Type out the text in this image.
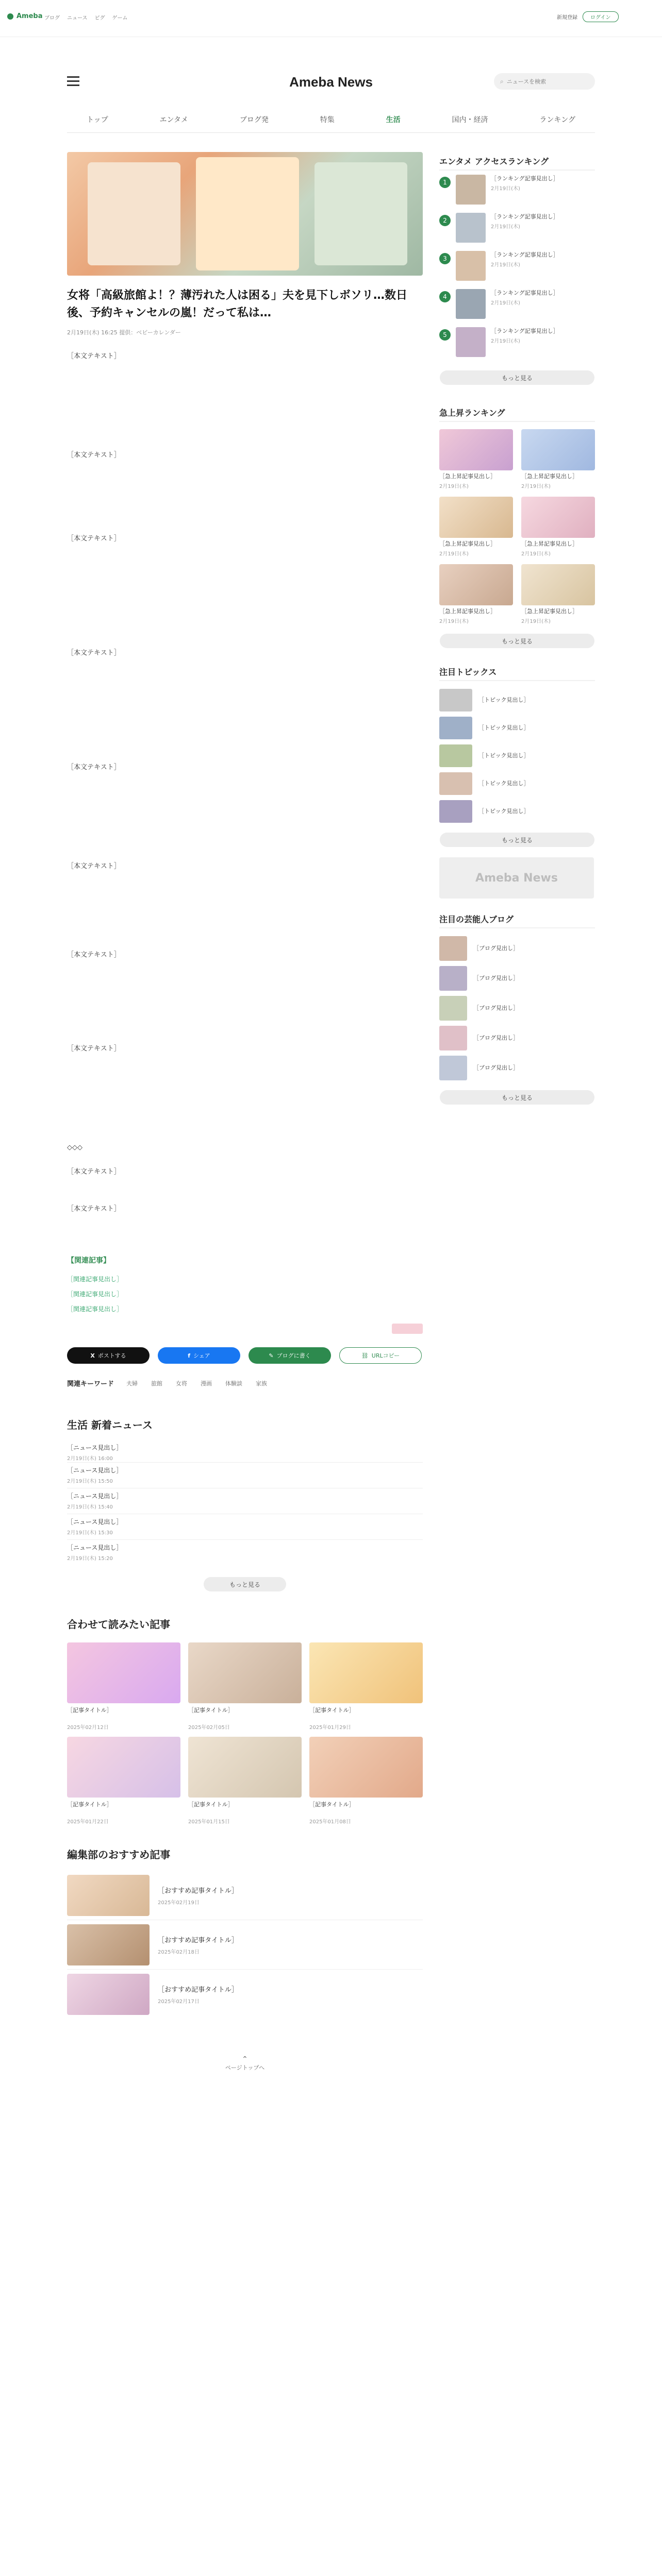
Ameba ブログ ニュース ピグ ゲーム	新規登録	ログイン
Ameba News	⌕
ニュースを検索
トップ	エンタメ	ブログ発	特集	生活	国内・経済	ランキング
女将「高級旅館よ！？薄汚れた人は困る」夫を見下しボソリ…数日後、予約キャンセルの嵐！だって私は…
2月19日(木) 16:25 提供：ベビーカレンダー

［本文テキスト］

［本文テキスト］

［本文テキスト］

［本文テキスト］

［本文テキスト］

［本文テキスト］

［本文テキスト］

［本文テキスト］

◇◇◇

［本文テキスト］

［本文テキスト］

【関連記事】
［関連記事見出し］
［関連記事見出し］
［関連記事見出し］
X ポストする	f シェア	✎ ブログに書く	⛓ URLコピー
関連キーワード 夫婦 旅館 女将 漫画 体験談 家族
生活 新着ニュース
［ニュース見出し］
2月19日(木) 16:00
［ニュース見出し］
2月19日(木) 15:50
［ニュース見出し］
2月19日(木) 15:40
［ニュース見出し］
2月19日(木) 15:30
［ニュース見出し］
2月19日(木) 15:20
もっと見る
合わせて読みたい記事
［記事タイトル］
2025年02月12日
［記事タイトル］
2025年02月05日
［記事タイトル］
2025年01月29日
［記事タイトル］
2025年01月22日
［記事タイトル］
2025年01月15日
［記事タイトル］
2025年01月08日
編集部のおすすめ記事
［おすすめ記事タイトル］
2025年02月19日
［おすすめ記事タイトル］
2025年02月18日
［おすすめ記事タイトル］
2025年02月17日
⌃
ページトップへ
エンタメ アクセスランキング
1
［ランキング記事見出し］
2月19日(木)
2
［ランキング記事見出し］
2月19日(木)
3
［ランキング記事見出し］
2月19日(木)
4
［ランキング記事見出し］
2月19日(木)
5
［ランキング記事見出し］
2月19日(木)
もっと見る
急上昇ランキング
［急上昇記事見出し］
2月19日(木)
［急上昇記事見出し］
2月19日(木)
［急上昇記事見出し］
2月19日(木)
［急上昇記事見出し］
2月19日(木)
［急上昇記事見出し］
2月19日(木)
［急上昇記事見出し］
2月19日(木)
もっと見る
注目トピックス
［トピック見出し］
［トピック見出し］
［トピック見出し］
［トピック見出し］
［トピック見出し］
もっと見る
Ameba News
注目の芸能人ブログ
［ブログ見出し］
［ブログ見出し］
［ブログ見出し］
［ブログ見出し］
［ブログ見出し］
もっと見る
